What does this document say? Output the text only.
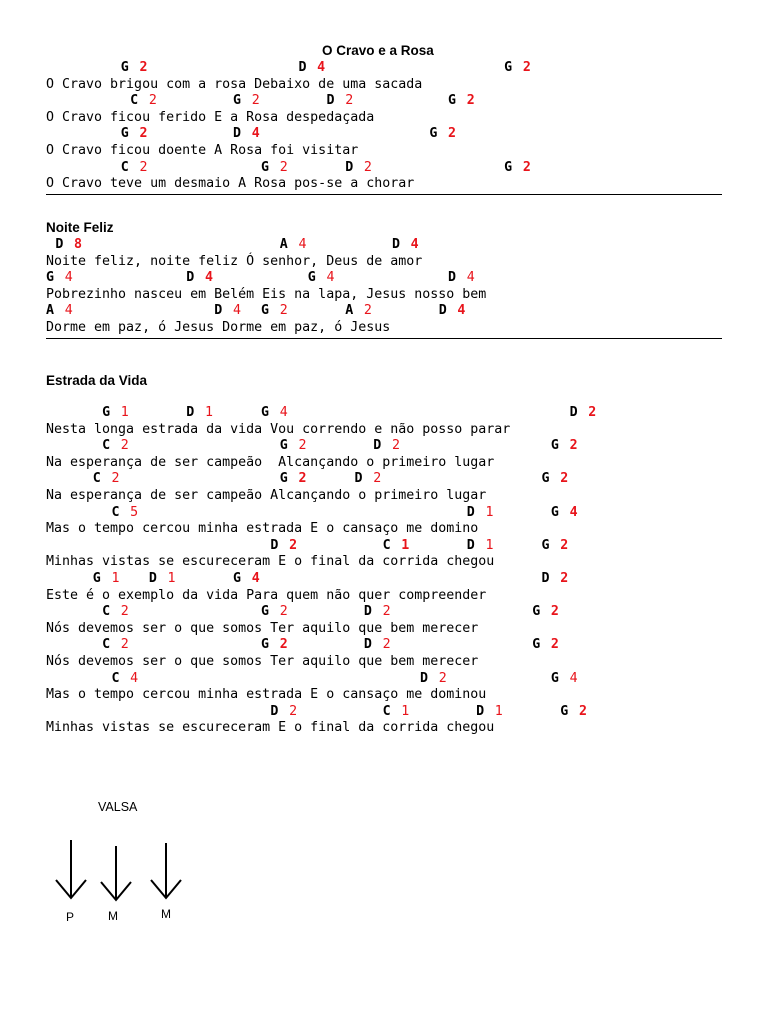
O Cravo e a Rosa
G 2	D 4	G 2
O Cravo brigou com a rosa Debaixo de uma sacada
C 2	G 2	D 2	G 2
O Cravo ficou ferido E a Rosa despedaçada
G 2	D 4	G 2
O Cravo ficou doente A Rosa foi visitar
C 2	G 2	D 2	G 2
O Cravo teve um desmaio A Rosa pos-se a chorar
Noite Feliz
D 8	A 4	D 4
Noite feliz, noite feliz Ó senhor, Deus de amor
G 4	D 4	G 4	D 4
Pobrezinho nasceu em Belém Eis na lapa, Jesus nosso bem
A 4	D 4 G 2	A 2	D 4
Dorme em paz, ó Jesus Dorme em paz, ó Jesus
Estrada da Vida
G 1	D 1	G 4	D 2
Nesta longa estrada da vida Vou correndo e não posso parar
C 2	G 2	D 2	G 2
Na esperança de ser campeão  Alcançando o primeiro lugar
C 2	G 2	D 2	G 2
Na esperança de ser campeão Alcançando o primeiro lugar
C 5	D 1	G 4
Mas o tempo cercou minha estrada E o cansaço me domino
D 2	C 1	D 1	G 2
Minhas vistas se escureceram E o final da corrida chegou
G 1 D 1	G 4	D 2
Este é o exemplo da vida Para quem não quer compreender
C 2	G 2	D 2	G 2
Nós devemos ser o que somos Ter aquilo que bem merecer
C 2	G 2	D 2	G 2
Nós devemos ser o que somos Ter aquilo que bem merecer
C 4	D 2	G 4
Mas o tempo cercou minha estrada E o cansaço me dominou
D 2	C 1	D 1	G 2
Minhas vistas se escureceram E o final da corrida chegou
VALSA
P	M	M
